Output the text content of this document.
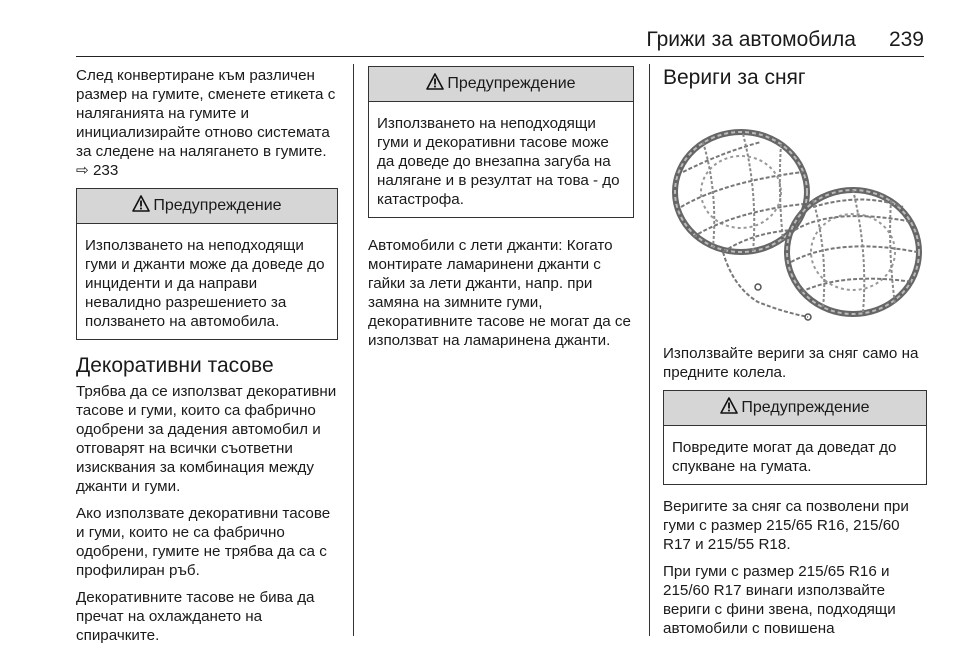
Грижи за автомобила 239

След конвертиране към различен размер на гумите, сменете етикета с наляганията на гумите и инициализирайте отново системата за следене на налягането в гумите. ⇨ 233

Предупреждение

Използването на неподходящи гуми и джанти може да доведе до инциденти и да направи невалидно разрешението за ползването на автомобила.

Декоративни тасове

Трябва да се използват декоративни тасове и гуми, които са фабрично одобрени за дадения автомобил и отговарят на всички съответни изисквания за комбинация между джанти и гуми.

Ако използвате декоративни тасове и гуми, които не са фабрично одобрени, гумите не трябва да са с профилиран ръб.

Декоративните тасове не бива да пречат на охлаждането на спирачките.

Предупреждение

Използването на неподходящи гуми и декоративни тасове може да доведе до внезапна загуба на налягане и в резултат на това - до катастрофа.

Автомобили с лети джанти: Когато монтирате ламаринени джанти с гайки за лети джанти, напр. при замяна на зимните гуми, декоративните тасове не могат да се използват на ламаринена джанти.

Вериги за сняг

Използвайте вериги за сняг само на предните колела.

Предупреждение

Повредите могат да доведат до спукване на гумата.

Веригите за сняг са позволени при гуми с размер 215/65 R16, 215/60 R17 и 215/55 R18.

При гуми с размер 215/65 R16 и 215/60 R17 винаги използвайте вериги с фини звена, подходящи автомобили с повишена
